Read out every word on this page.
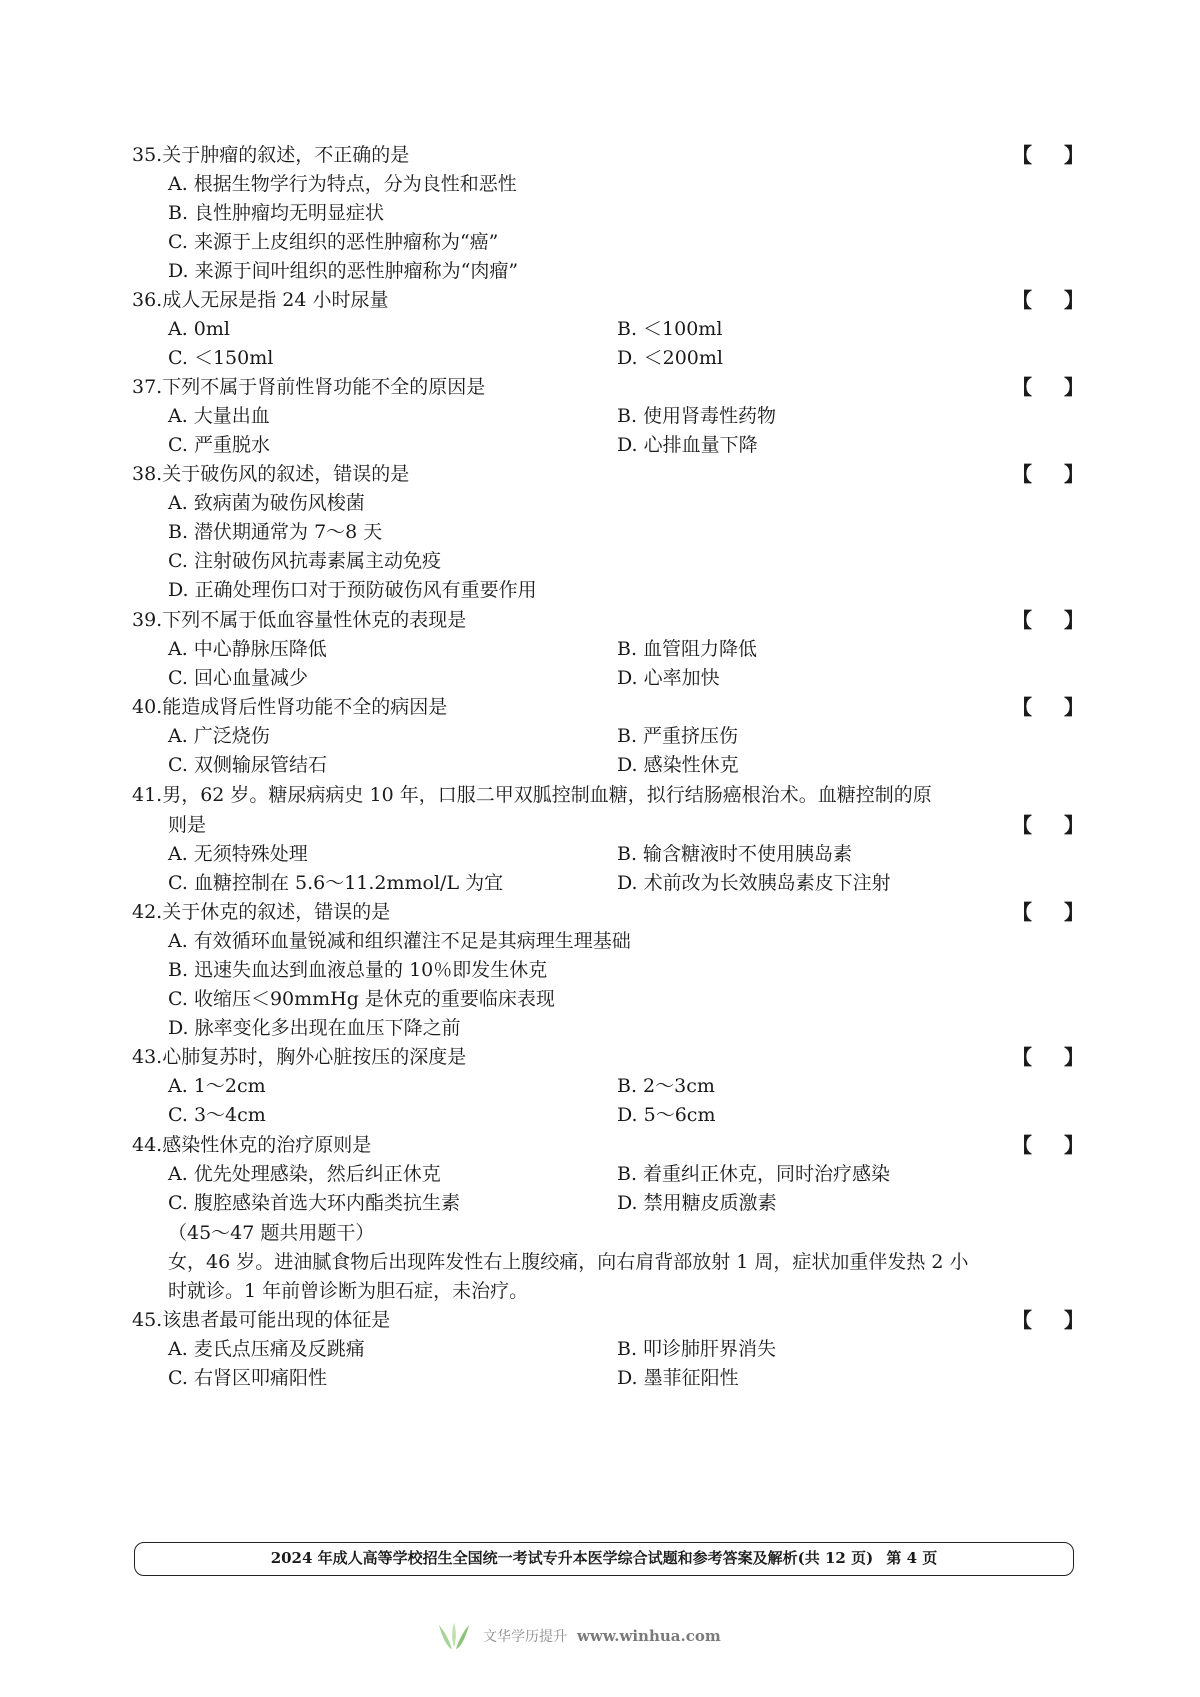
35.关于肿瘤的叙述，不正确的是	【 】
A. 根据生物学行为特点，分为良性和恶性
B. 良性肿瘤均无明显症状
C. 来源于上皮组织的恶性肿瘤称为“癌”
D. 来源于间叶组织的恶性肿瘤称为“肉瘤”
36.成人无尿是指 24 小时尿量	【 】
A. 0ml	B. ＜100ml
C. ＜150ml	D. ＜200ml
37.下列不属于肾前性肾功能不全的原因是	【 】
A. 大量出血	B. 使用肾毒性药物
C. 严重脱水	D. 心排血量下降
38.关于破伤风的叙述，错误的是	【 】
A. 致病菌为破伤风梭菌
B. 潜伏期通常为 7～8 天
C. 注射破伤风抗毒素属主动免疫
D. 正确处理伤口对于预防破伤风有重要作用
39.下列不属于低血容量性休克的表现是	【 】
A. 中心静脉压降低	B. 血管阻力降低
C. 回心血量减少	D. 心率加快
40.能造成肾后性肾功能不全的病因是	【 】
A. 广泛烧伤	B. 严重挤压伤
C. 双侧输尿管结石	D. 感染性休克
41.男，62 岁。糖尿病病史 10 年，口服二甲双胍控制血糖，拟行结肠癌根治术。血糖控制的原
则是	【 】
A. 无须特殊处理	B. 输含糖液时不使用胰岛素
C. 血糖控制在 5.6～11.2mmol/L 为宜	D. 术前改为长效胰岛素皮下注射
42.关于休克的叙述，错误的是	【 】
A. 有效循环血量锐减和组织灌注不足是其病理生理基础
B. 迅速失血达到血液总量的 10％即发生休克
C. 收缩压＜90mmHg 是休克的重要临床表现
D. 脉率变化多出现在血压下降之前
43.心肺复苏时，胸外心脏按压的深度是	【 】
A. 1～2cm	B. 2～3cm
C. 3～4cm	D. 5～6cm
44.感染性休克的治疗原则是	【 】
A. 优先处理感染，然后纠正休克	B. 着重纠正休克，同时治疗感染
C. 腹腔感染首选大环内酯类抗生素	D. 禁用糖皮质激素
（45～47 题共用题干）
女，46 岁。进油腻食物后出现阵发性右上腹绞痛，向右肩背部放射 1 周，症状加重伴发热 2 小
时就诊。1 年前曾诊断为胆石症，未治疗。
45.该患者最可能出现的体征是	【 】
A. 麦氏点压痛及反跳痛	B. 叩诊肺肝界消失
C. 右肾区叩痛阳性	D. 墨菲征阳性
2024 年成人高等学校招生全国统一考试专升本医学综合试题和参考答案及解析(共 12 页) 第 4 页
文华学历提升 www.winhua.com
